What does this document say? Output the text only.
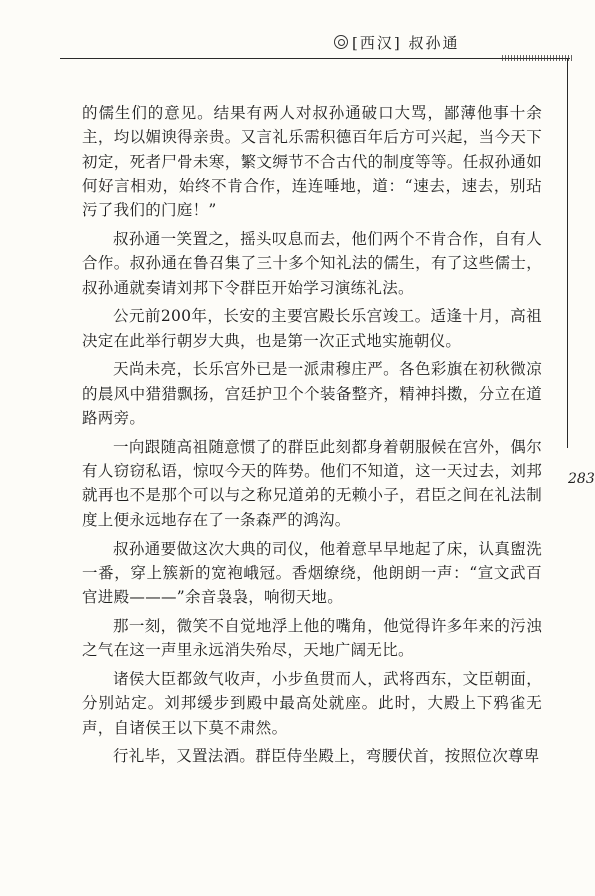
[西汉] 叔孙通
283

的儒生们的意见。结果有两人对叔孙通破口大骂，鄙薄他事十余主，均以媚谀得亲贵。又言礼乐需积德百年后方可兴起，当今天下初定，死者尸骨未寒，繁文缛节不合古代的制度等等。任叔孙通如何好言相劝，始终不肯合作，连连唾地，道：“速去，速去，别玷污了我们的门庭！”

叔孙通一笑置之，摇头叹息而去，他们两个不肯合作，自有人合作。叔孙通在鲁召集了三十多个知礼法的儒生，有了这些儒士，叔孙通就奏请刘邦下令群臣开始学习演练礼法。

公元前200年，长安的主要宫殿长乐宫竣工。适逢十月，高祖决定在此举行朝岁大典，也是第一次正式地实施朝仪。

天尚未亮，长乐宫外已是一派肃穆庄严。各色彩旗在初秋微凉的晨风中猎猎飘扬，宫廷护卫个个装备整齐，精神抖擞，分立在道路两旁。

一向跟随高祖随意惯了的群臣此刻都身着朝服候在宫外，偶尔有人窃窃私语，惊叹今天的阵势。他们不知道，这一天过去，刘邦就再也不是那个可以与之称兄道弟的无赖小子，君臣之间在礼法制度上便永远地存在了一条森严的鸿沟。

叔孙通要做这次大典的司仪，他着意早早地起了床，认真盥洗一番，穿上簇新的宽袍峨冠。香烟缭绕，他朗朗一声：“宣文武百官进殿———”余音袅袅，响彻天地。

那一刻，微笑不自觉地浮上他的嘴角，他觉得许多年来的污浊之气在这一声里永远消失殆尽，天地广阔无比。

诸侯大臣都敛气收声，小步鱼贯而人，武将西东，文臣朝面，分别站定。刘邦缓步到殿中最高处就座。此时，大殿上下鸦雀无声，自诸侯王以下莫不肃然。

行礼毕，又置法酒。群臣侍坐殿上，弯腰伏首，按照位次尊卑
